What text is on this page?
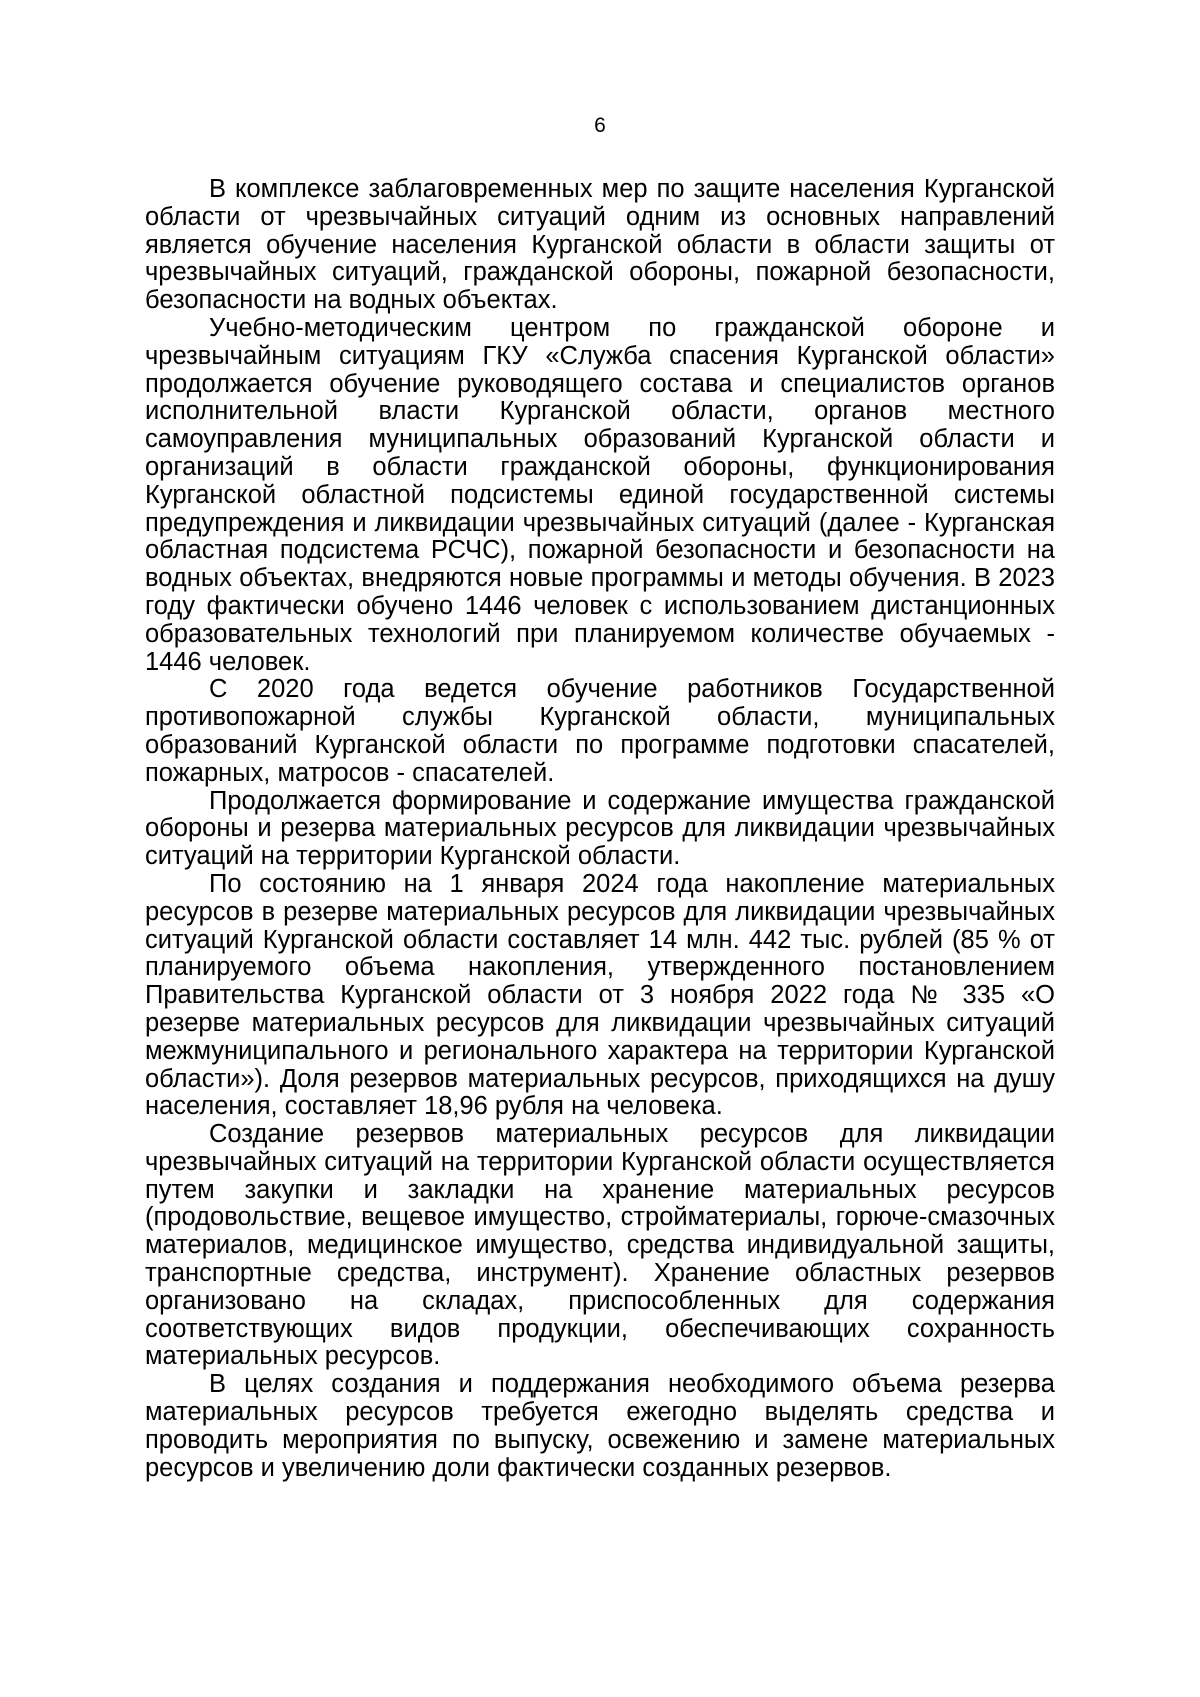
6

В комплексе заблаговременных мер по защите населения Курганской области от чрезвычайных ситуаций одним из основных направлений является обучение населения Курганской области в области защиты от чрезвычайных ситуаций, гражданской обороны, пожарной безопасности, безопасности на водных объектах.

Учебно-методическим центром по гражданской обороне и чрезвычайным ситуациям ГКУ «Служба спасения Курганской области» продолжается обучение руководящего состава и специалистов органов исполнительной власти Курганской области, органов местного самоуправления муниципальных образований Курганской области и организаций в области гражданской обороны, функционирования Курганской областной подсистемы единой государственной системы предупреждения и ликвидации чрезвычайных ситуаций (далее - Курганская областная подсистема РСЧС), пожарной безопасности и безопасности на водных объектах, внедряются новые программы и методы обучения. В 2023 году фактически обучено 1446 человек с использованием дистанционных образовательных технологий при планируемом количестве обучаемых - 1446 человек.

С 2020 года ведется обучение работников Государственной противопожарной службы Курганской области, муниципальных образований Курганской области по программе подготовки спасателей, пожарных, матросов - спасателей.

Продолжается формирование и содержание имущества гражданской обороны и резерва материальных ресурсов для ликвидации чрезвычайных ситуаций на территории Курганской области.

По состоянию на 1 января 2024 года накопление материальных ресурсов в резерве материальных ресурсов для ликвидации чрезвычайных ситуаций Курганской области составляет 14 млн. 442 тыс. рублей (85 % от планируемого объема накопления, утвержденного постановлением Правительства Курганской области от 3 ноября 2022 года № 335 «О резерве материальных ресурсов для ликвидации чрезвычайных ситуаций межмуниципального и регионального характера на территории Курганской области»). Доля резервов материальных ресурсов, приходящихся на душу населения, составляет 18,96 рубля на человека.

Создание резервов материальных ресурсов для ликвидации чрезвычайных ситуаций на территории Курганской области осуществляется путем закупки и закладки на хранение материальных ресурсов (продовольствие, вещевое имущество, стройматериалы, горюче-смазочных материалов, медицинское имущество, средства индивидуальной защиты, транспортные средства, инструмент). Хранение областных резервов организовано на складах, приспособленных для содержания соответствующих видов продукции, обеспечивающих сохранность материальных ресурсов.

В целях создания и поддержания необходимого объема резерва материальных ресурсов требуется ежегодно выделять средства и проводить мероприятия по выпуску, освежению и замене материальных ресурсов и увеличению доли фактически созданных резервов.
